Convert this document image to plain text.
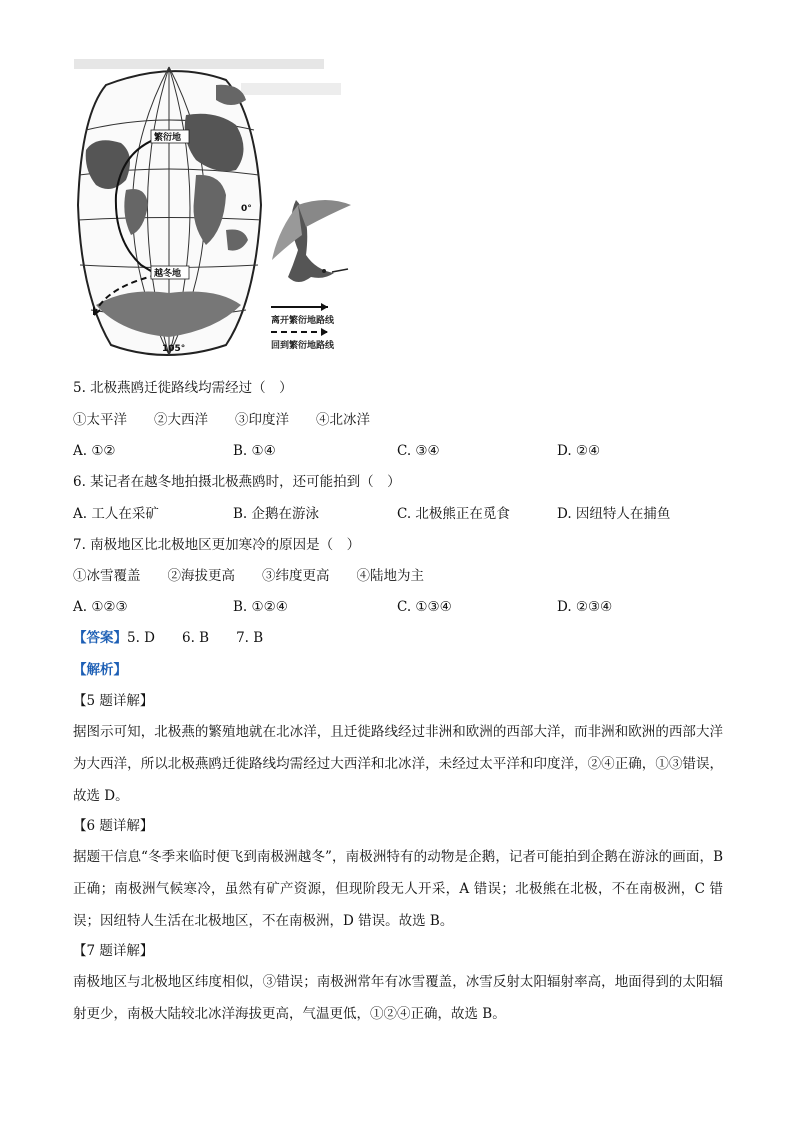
繁衍地
越冬地
0°
105°
离开繁衍地路线
回到繁衍地路线
5. 北极燕鸥迁徙路线均需经过（　）
①太平洋　　②大西洋　　③印度洋　　④北冰洋
A. ①②	B. ①④	C. ③④	D. ②④
6. 某记者在越冬地拍摄北极燕鸥时，还可能拍到（　）
A. 工人在采矿	B. 企鹅在游泳	C. 北极熊正在觅食	D. 因纽特人在捕鱼
7. 南极地区比北极地区更加寒冷的原因是（　）
①冰雪覆盖　　②海拔更高　　③纬度更高　　④陆地为主
A. ①②③	B. ①②④	C. ①③④	D. ②③④
【答案】5. D　　6. B　　7. B
【解析】
【5 题详解】
据图示可知，北极燕的繁殖地就在北冰洋，且迁徙路线经过非洲和欧洲的西部大洋，而非洲和欧洲的西部大洋为大西洋，所以北极燕鸥迁徙路线均需经过大西洋和北冰洋，未经过太平洋和印度洋，②④正确，①③错误，故选 D。
【6 题详解】
据题干信息“冬季来临时便飞到南极洲越冬”，南极洲特有的动物是企鹅，记者可能拍到企鹅在游泳的画面，B 正确；南极洲气候寒冷，虽然有矿产资源，但现阶段无人开采，A 错误；北极熊在北极，不在南极洲，C 错误；因纽特人生活在北极地区，不在南极洲，D 错误。故选 B。
【7 题详解】
南极地区与北极地区纬度相似，③错误；南极洲常年有冰雪覆盖，冰雪反射太阳辐射率高，地面得到的太阳辐射更少，南极大陆较北冰洋海拔更高，气温更低，①②④正确，故选 B。
